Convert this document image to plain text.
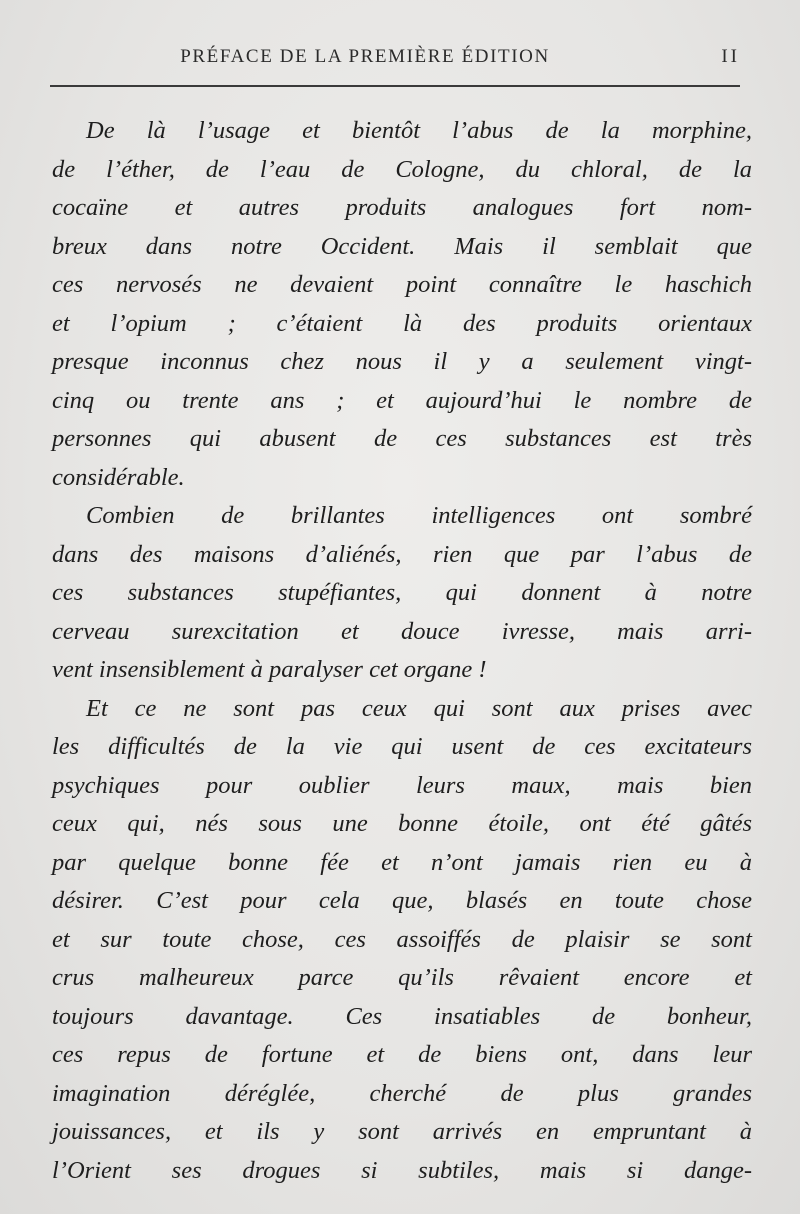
PRÉFACE DE LA PREMIÈRE ÉDITION	II
De là l’usage et bientôt l’abus de la morphine,
de l’éther, de l’eau de Cologne, du chloral, de la
cocaïne et autres produits analogues fort nom-
breux dans notre Occident. Mais il semblait que
ces nervosés ne devaient point connaître le haschich
et l’opium ; c’étaient là des produits orientaux
presque inconnus chez nous il y a seulement vingt-
cinq ou trente ans ; et aujourd’hui le nombre de
personnes qui abusent de ces substances est très
considérable.
Combien de brillantes intelligences ont sombré
dans des maisons d’aliénés, rien que par l’abus de
ces substances stupéfiantes, qui donnent à notre
cerveau surexcitation et douce ivresse, mais arri-
vent insensiblement à paralyser cet organe !
Et ce ne sont pas ceux qui sont aux prises avec
les difficultés de la vie qui usent de ces excitateurs
psychiques pour oublier leurs maux, mais bien
ceux qui, nés sous une bonne étoile, ont été gâtés
par quelque bonne fée et n’ont jamais rien eu à
désirer. C’est pour cela que, blasés en toute chose
et sur toute chose, ces assoiffés de plaisir se sont
crus malheureux parce qu’ils rêvaient encore et
toujours davantage. Ces insatiables de bonheur,
ces repus de fortune et de biens ont, dans leur
imagination déréglée, cherché de plus grandes
jouissances, et ils y sont arrivés en empruntant à
l’Orient ses drogues si subtiles, mais si dange-
